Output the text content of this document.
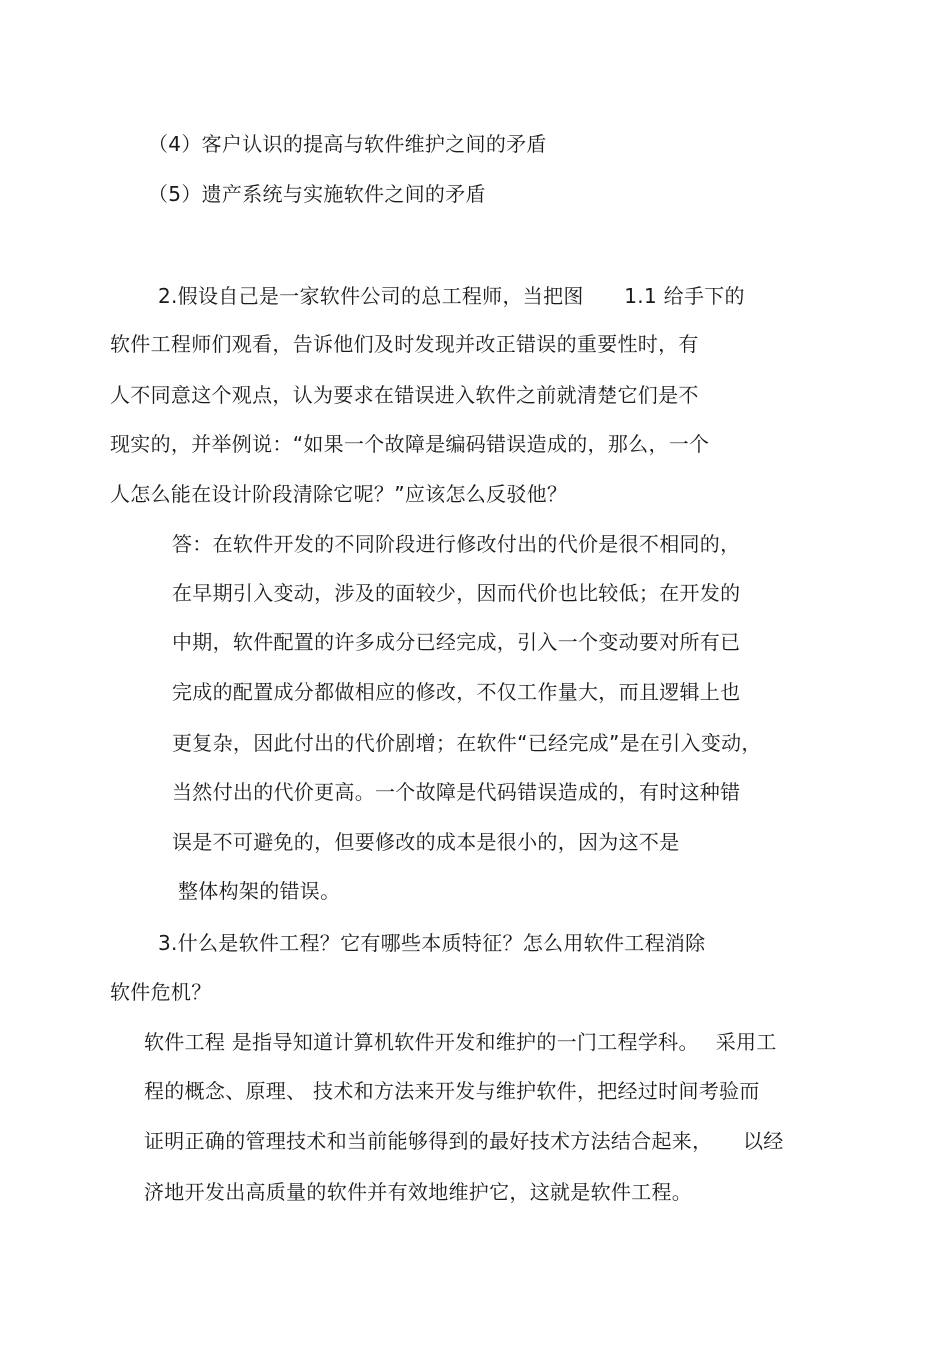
（4）客户认识的提高与软件维护之间的矛盾
（5）遗产系统与实施软件之间的矛盾
2.假设自己是一家软件公司的总工程师，当把图　　1.1 给手下的
软件工程师们观看，告诉他们及时发现并改正错误的重要性时，有
人不同意这个观点，认为要求在错误进入软件之前就清楚它们是不
现实的，并举例说：“如果一个故障是编码错误造成的，那么，一个
人怎么能在设计阶段清除它呢？”应该怎么反驳他？
答：在软件开发的不同阶段进行修改付出的代价是很不相同的，
在早期引入变动，涉及的面较少，因而代价也比较低；在开发的
中期，软件配置的许多成分已经完成，引入一个变动要对所有已
完成的配置成分都做相应的修改，不仅工作量大，而且逻辑上也
更复杂，因此付出的代价剧增；在软件“已经完成”是在引入变动，
当然付出的代价更高。一个故障是代码错误造成的，有时这种错
误是不可避免的，但要修改的成本是很小的，因为这不是
整体构架的错误。
3.什么是软件工程？它有哪些本质特征？怎么用软件工程消除
软件危机？
软件工程 是指导知道计算机软件开发和维护的一门工程学科。　 采用工
程的概念、原理、 技术和方法来开发与维护软件，把经过时间考验而
证明正确的管理技术和当前能够得到的最好技术方法结合起来，　　以经
济地开发出高质量的软件并有效地维护它，这就是软件工程。
